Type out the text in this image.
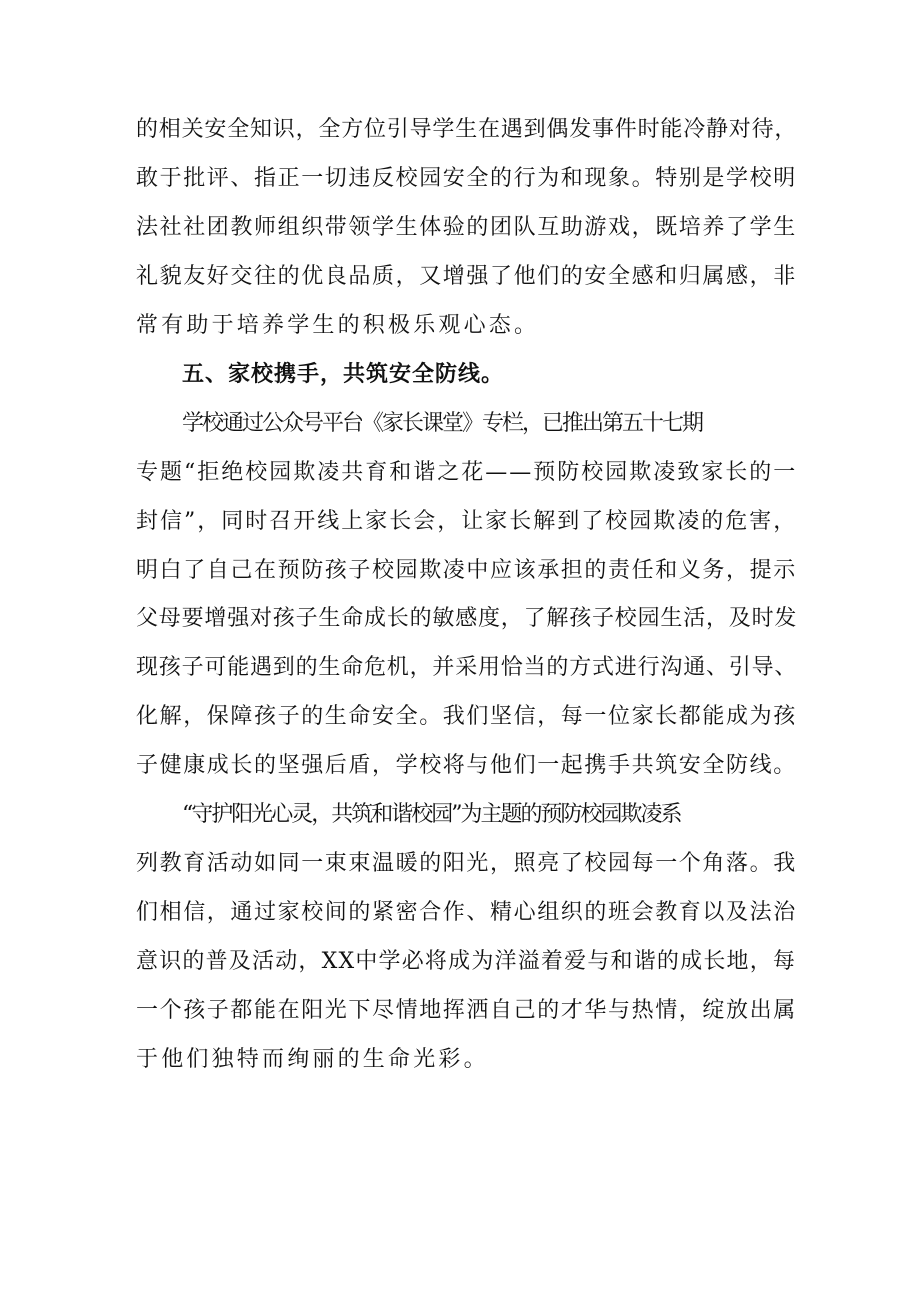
的相关安全知识，全方位引导学生在遇到偶发事件时能冷静对待，
敢于批评、指正一切违反校园安全的行为和现象。特别是学校明
法社社团教师组织带领学生体验的团队互助游戏，既培养了学生
礼貌友好交往的优良品质，又增强了他们的安全感和归属感，非
常有助于培养学生的积极乐观心态。
五、家校携手，共筑安全防线。
学校通过公众号平台《家长课堂》专栏，已推出第五十七期
专题“拒绝校园欺凌共育和谐之花——预防校园欺凌致家长的一
封信”，同时召开线上家长会，让家长解到了校园欺凌的危害，
明白了自己在预防孩子校园欺凌中应该承担的责任和义务，提示
父母要增强对孩子生命成长的敏感度，了解孩子校园生活，及时发
现孩子可能遇到的生命危机，并采用恰当的方式进行沟通、引导、
化解，保障孩子的生命安全。我们坚信，每一位家长都能成为孩
子健康成长的坚强后盾，学校将与他们一起携手共筑安全防线。
“守护阳光心灵，共筑和谐校园”为主题的预防校园欺凌系
列教育活动如同一束束温暖的阳光，照亮了校园每一个角落。我
们相信，通过家校间的紧密合作、精心组织的班会教育以及法治
意识的普及活动，XX中学必将成为洋溢着爱与和谐的成长地，每
一个孩子都能在阳光下尽情地挥洒自己的才华与热情，绽放出属
于他们独特而绚丽的生命光彩。
